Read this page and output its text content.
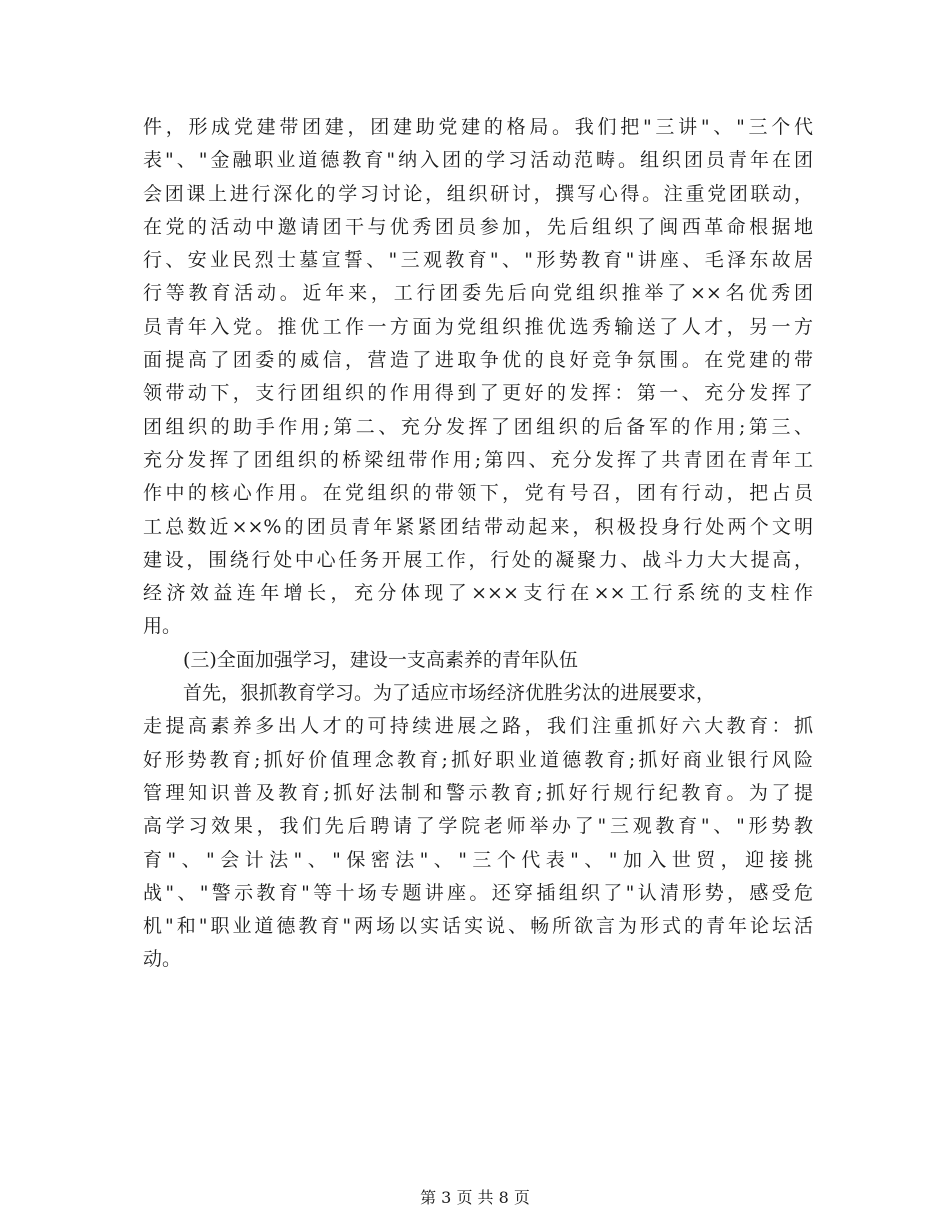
件，形成党建带团建，团建助党建的格局。我们把"三讲"、"三个代
表"、"金融职业道德教育"纳入团的学习活动范畴。组织团员青年在团
会团课上进行深化的学习讨论，组织研讨，撰写心得。注重党团联动，
在党的活动中邀请团干与优秀团员参加，先后组织了闽西革命根据地
行、安业民烈士墓宣誓、"三观教育"、"形势教育"讲座、毛泽东故居
行等教育活动。近年来，工行团委先后向党组织推举了××名优秀团
员青年入党。推优工作一方面为党组织推优选秀输送了人才，另一方
面提高了团委的威信，营造了进取争优的良好竞争氛围。在党建的带
领带动下，支行团组织的作用得到了更好的发挥：第一、充分发挥了
团组织的助手作用;第二、充分发挥了团组织的后备军的作用;第三、
充分发挥了团组织的桥梁纽带作用;第四、充分发挥了共青团在青年工
作中的核心作用。在党组织的带领下，党有号召，团有行动，把占员
工总数近××%的团员青年紧紧团结带动起来，积极投身行处两个文明
建设，围绕行处中心任务开展工作，行处的凝聚力、战斗力大大提高，
经济效益连年增长，充分体现了×××支行在××工行系统的支柱作
用。
(三)全面加强学习，建设一支高素养的青年队伍
首先，狠抓教育学习。为了适应市场经济优胜劣汰的进展要求，
走提高素养多出人才的可持续进展之路，我们注重抓好六大教育：抓
好形势教育;抓好价值理念教育;抓好职业道德教育;抓好商业银行风险
管理知识普及教育;抓好法制和警示教育;抓好行规行纪教育。为了提
高学习效果，我们先后聘请了学院老师举办了"三观教育"、"形势教
育"、"会计法"、"保密法"、"三个代表"、"加入世贸，迎接挑
战"、"警示教育"等十场专题讲座。还穿插组织了"认清形势，感受危
机"和"职业道德教育"两场以实话实说、畅所欲言为形式的青年论坛活
动。
第 3 页 共 8 页
